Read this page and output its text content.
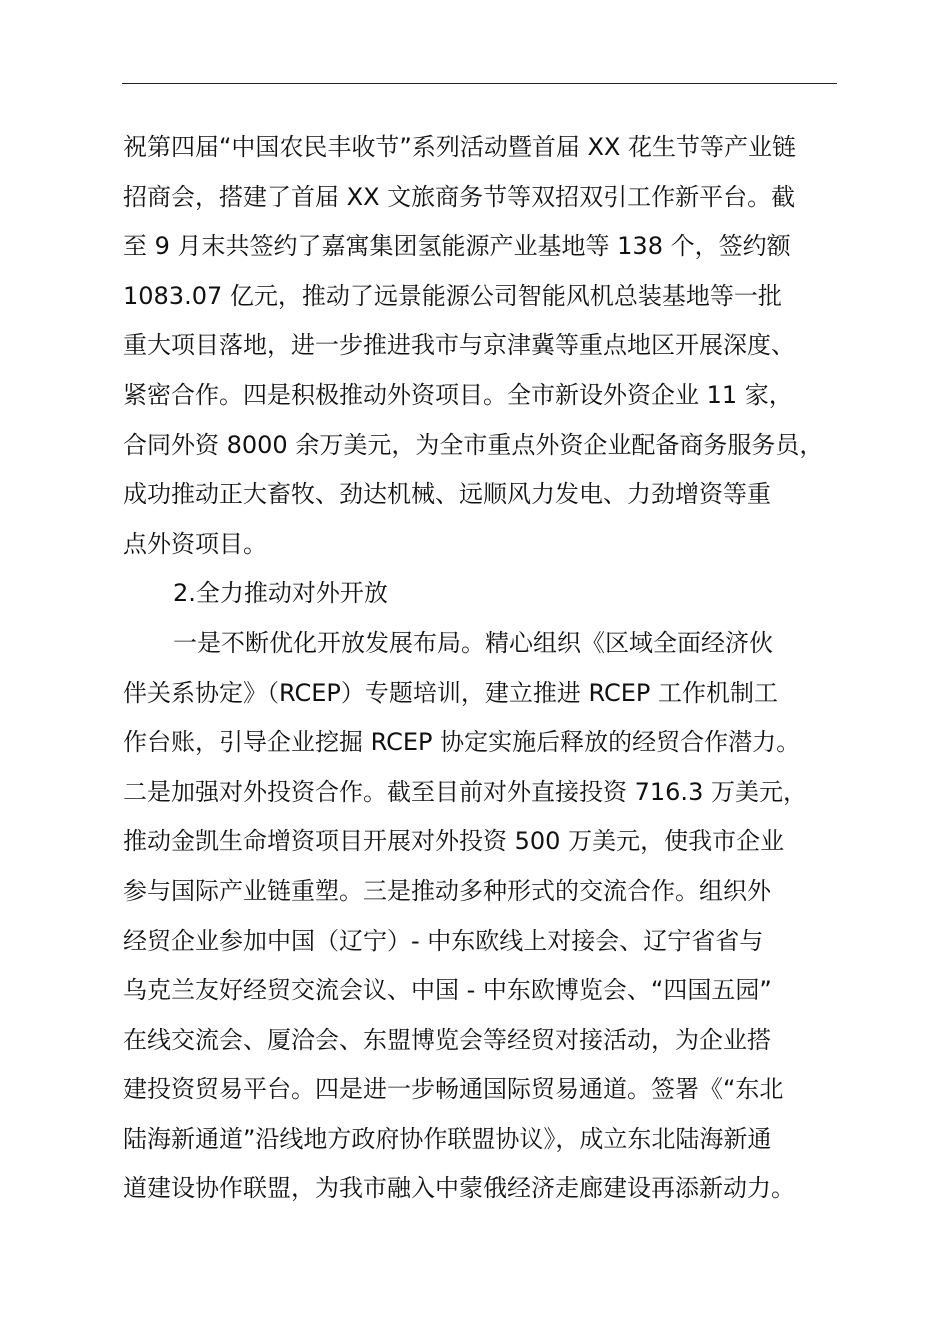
祝第四届“中国农民丰收节”系列活动暨首届 XX 花生节等产业链
招商会，搭建了首届 XX 文旅商务节等双招双引工作新平台。截
至 9 月末共签约了嘉寓集团氢能源产业基地等 138 个，签约额
1083.07 亿元，推动了远景能源公司智能风机总装基地等一批
重大项目落地，进一步推进我市与京津冀等重点地区开展深度、
紧密合作。四是积极推动外资项目。全市新设外资企业 11 家，
合同外资 8000 余万美元，为全市重点外资企业配备商务服务员，
成功推动正大畜牧、劲达机械、远顺风力发电、力劲增资等重
点外资项目。
2.全力推动对外开放
一是不断优化开放发展布局。精心组织《区域全面经济伙
伴关系协定》（RCEP）专题培训，建立推进 RCEP 工作机制工
作台账，引导企业挖掘 RCEP 协定实施后释放的经贸合作潜力。
二是加强对外投资合作。截至目前对外直接投资 716.3 万美元，
推动金凯生命增资项目开展对外投资 500 万美元，使我市企业
参与国际产业链重塑。三是推动多种形式的交流合作。组织外
经贸企业参加中国（辽宁）- 中东欧线上对接会、辽宁省省与
乌克兰友好经贸交流会议、中国 - 中东欧博览会、“四国五园”
在线交流会、厦洽会、东盟博览会等经贸对接活动，为企业搭
建投资贸易平台。四是进一步畅通国际贸易通道。签署《“东北
陆海新通道”沿线地方政府协作联盟协议》，成立东北陆海新通
道建设协作联盟，为我市融入中蒙俄经济走廊建设再添新动力。
